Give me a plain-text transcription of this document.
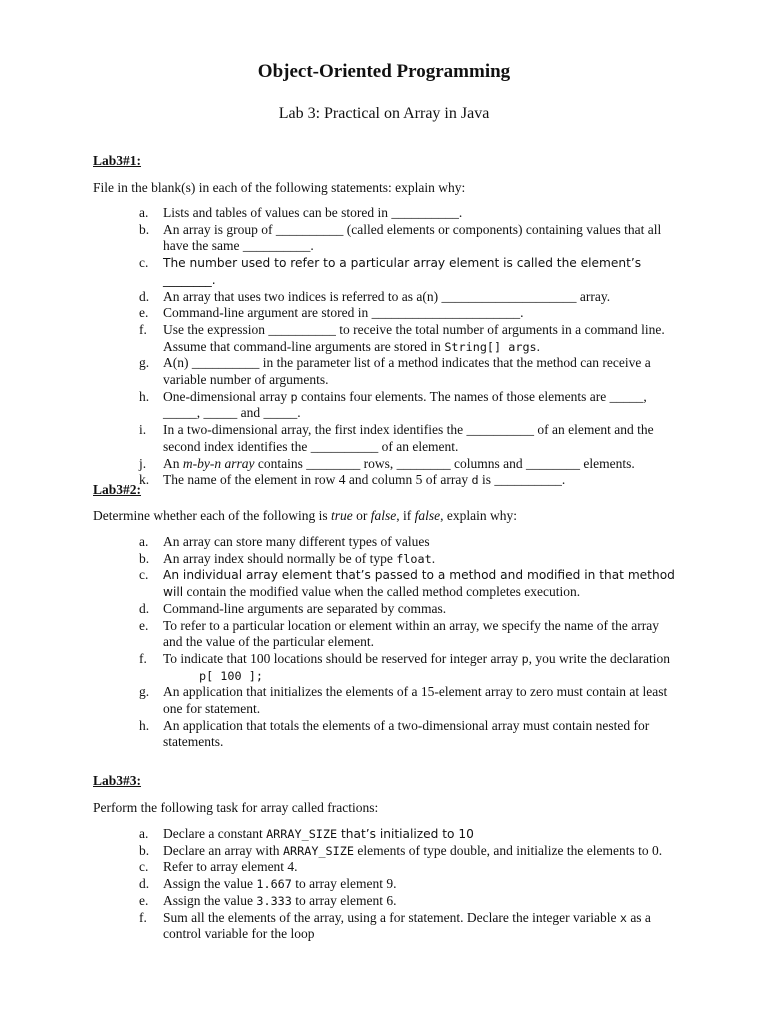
Object-Oriented Programming
Lab 3: Practical on Array in Java
Lab3#1:
File in the blank(s) in each of the following statements: explain why:
a. Lists and tables of values can be stored in __________.
b. An array is group of __________ (called elements or components) containing values that all have the same __________.
c. The number used to refer to a particular array element is called the element’s ________.
d. An array that uses two indices is referred to as a(n) ____________________ array.
e. Command-line argument are stored in ______________________.
f. Use the expression __________ to receive the total number of arguments in a command line. Assume that command-line arguments are stored in String[] args.
g. A(n) __________ in the parameter list of a method indicates that the method can receive a variable number of arguments.
h. One-dimensional array p contains four elements. The names of those elements are _____, _____, _____ and _____.
i. In a two-dimensional array, the first index identifies the __________ of an element and the second index identifies the __________ of an element.
j. An m-by-n array contains ________ rows, ________ columns and ________ elements.
k. The name of the element in row 4 and column 5 of array d is __________.
Lab3#2:
Determine whether each of the following is true or false, if false, explain why:
a. An array can store many different types of values
b. An array index should normally be of type float.
c. An individual array element that’s passed to a method and modified in that method will contain the modified value when the called method completes execution.
d. Command-line arguments are separated by commas.
e. To refer to a particular location or element within an array, we specify the name of the array and the value of the particular element.
f. To indicate that 100 locations should be reserved for integer array p, you write the declaration
p[ 100 ];
g. An application that initializes the elements of a 15-element array to zero must contain at least one for statement.
h. An application that totals the elements of a two-dimensional array must contain nested for statements.
Lab3#3:
Perform the following task for array called fractions:
a. Declare a constant ARRAY_SIZE that’s initialized to 10
b. Declare an array with ARRAY_SIZE elements of type double, and initialize the elements to 0.
c. Refer to array element 4.
d. Assign the value 1.667 to array element 9.
e. Assign the value 3.333 to array element 6.
f. Sum all the elements of the array, using a for statement. Declare the integer variable x as a control variable for the loop
